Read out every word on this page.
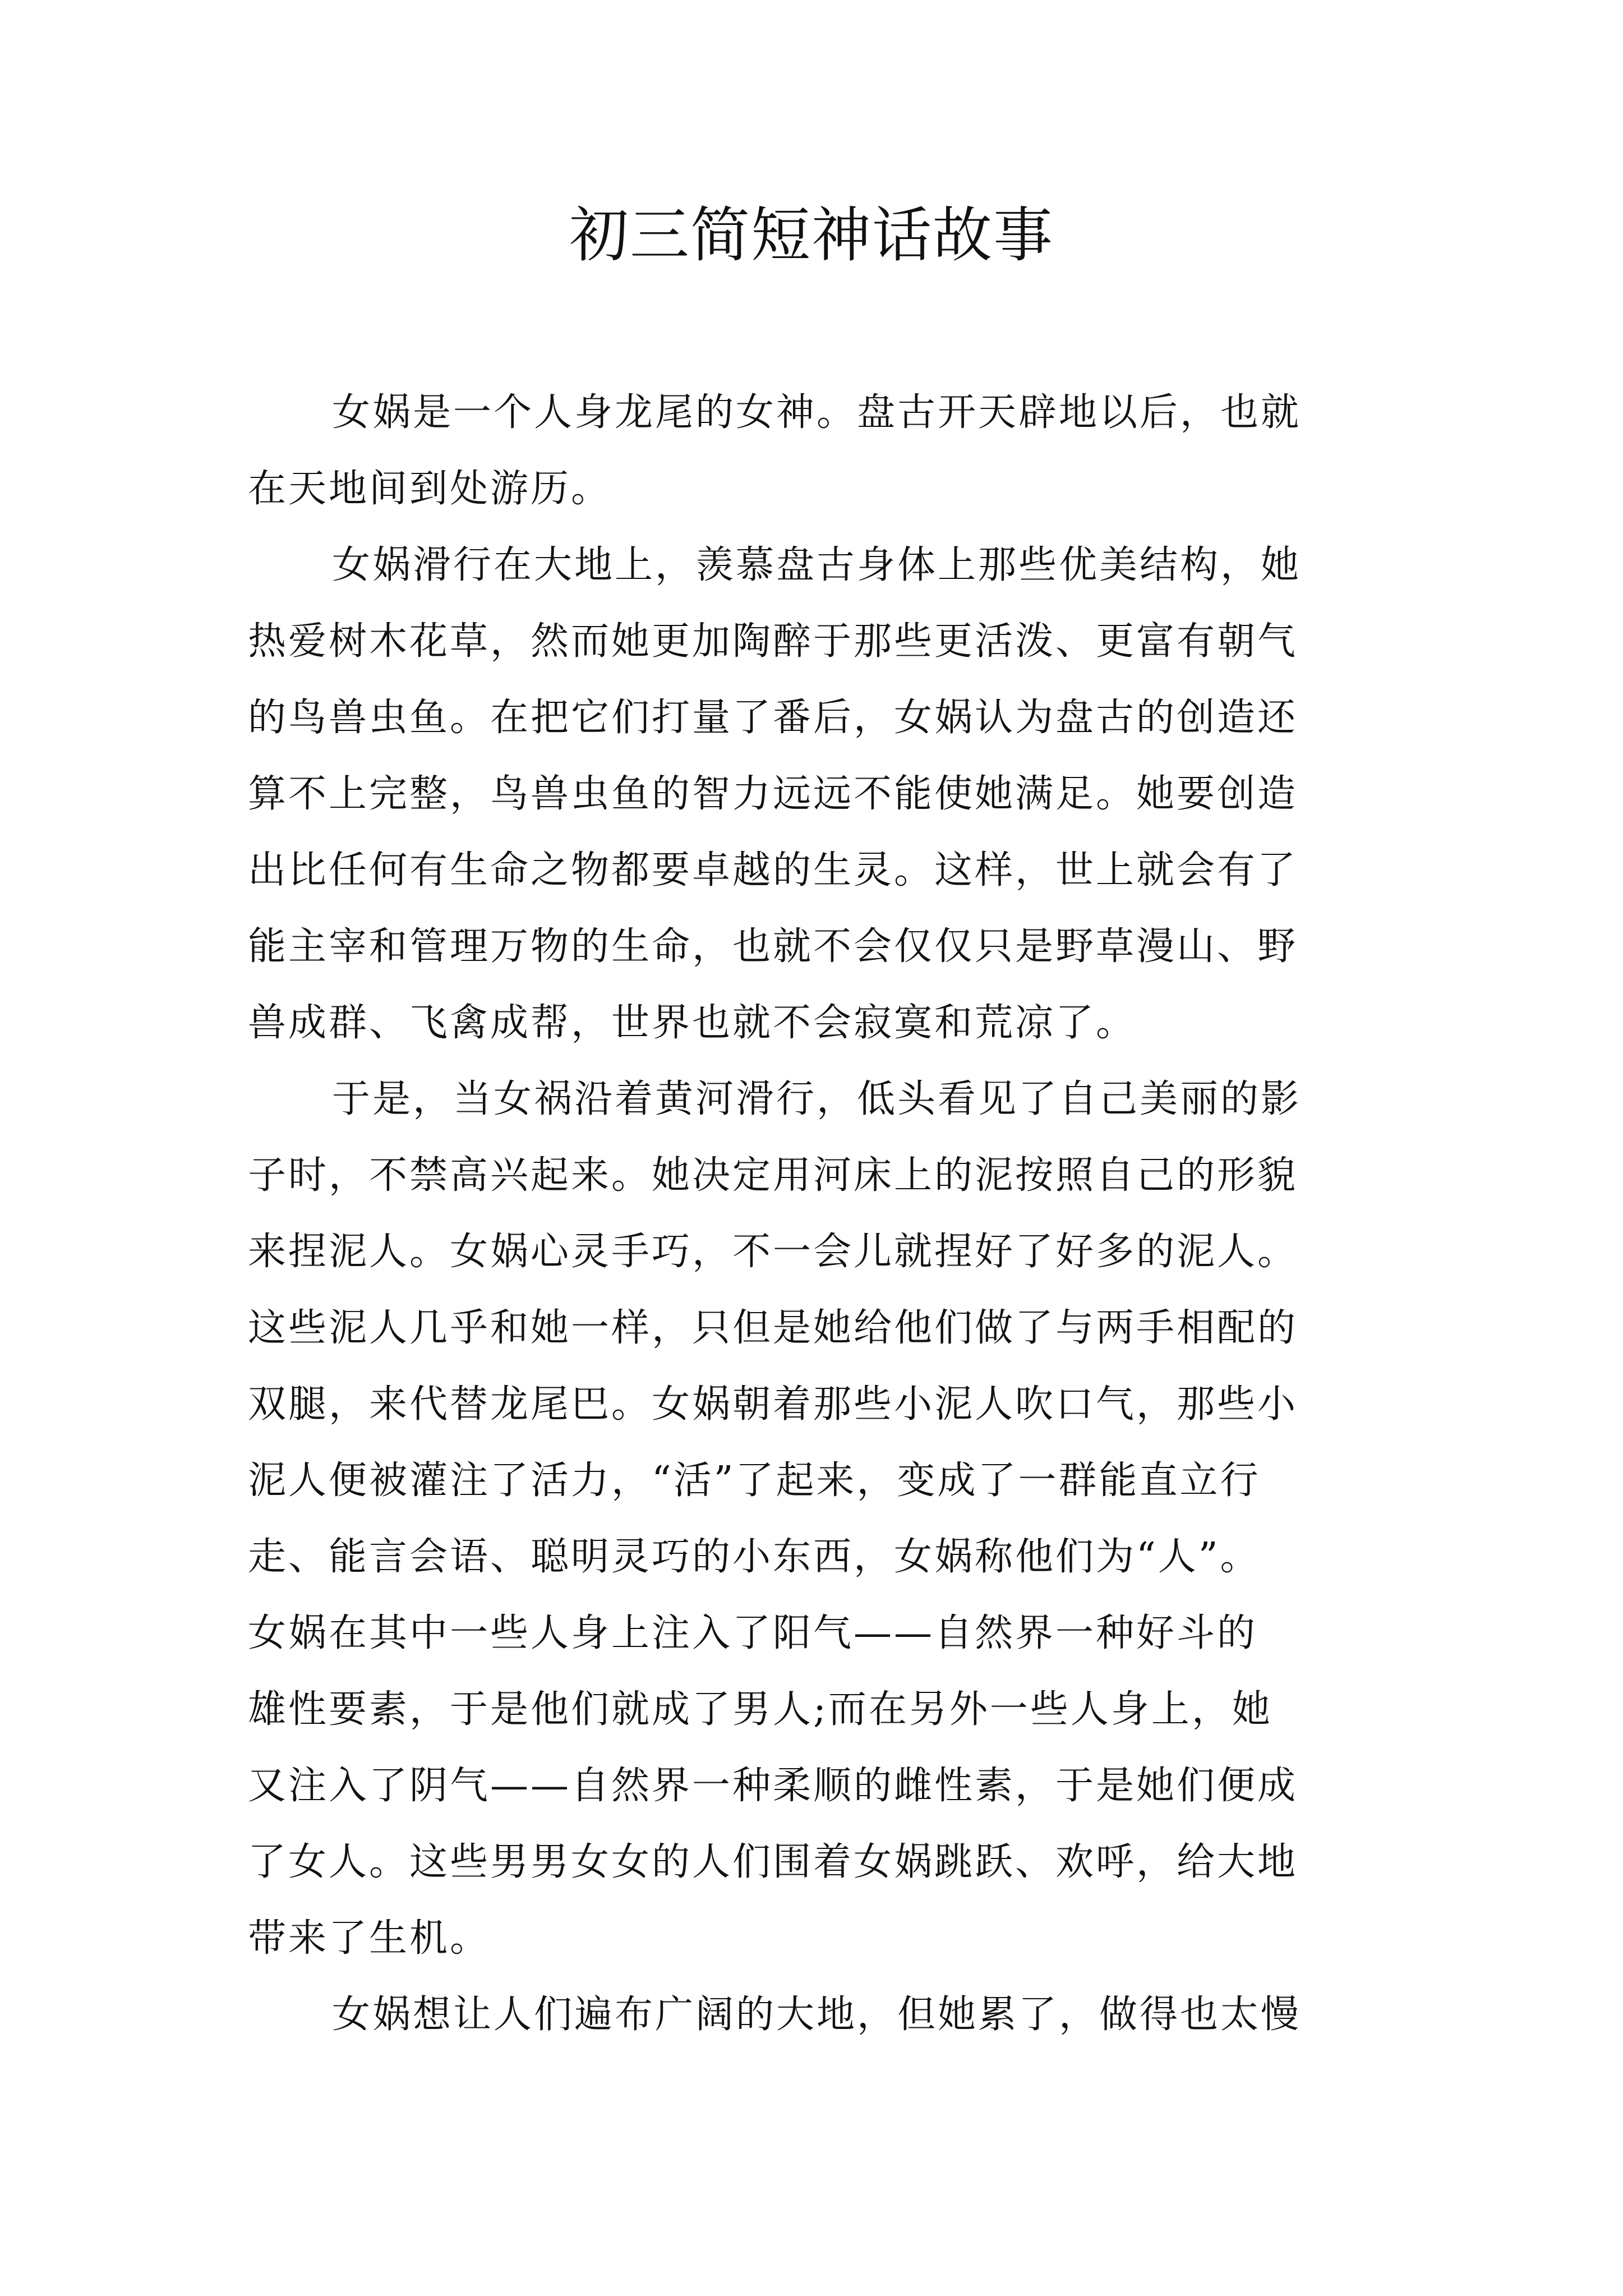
初三简短神话故事

女娲是一个人身龙尾的女神。盘古开天辟地以后，也就
在天地间到处游历。

女娲滑行在大地上，羡慕盘古身体上那些优美结构，她
热爱树木花草，然而她更加陶醉于那些更活泼、更富有朝气
的鸟兽虫鱼。在把它们打量了番后，女娲认为盘古的创造还
算不上完整，鸟兽虫鱼的智力远远不能使她满足。她要创造
出比任何有生命之物都要卓越的生灵。这样，世上就会有了
能主宰和管理万物的生命，也就不会仅仅只是野草漫山、野
兽成群、飞禽成帮，世界也就不会寂寞和荒凉了。

于是，当女祸沿着黄河滑行，低头看见了自己美丽的影
子时，不禁高兴起来。她决定用河床上的泥按照自己的形貌
来捏泥人。女娲心灵手巧，不一会儿就捏好了好多的泥人。
这些泥人几乎和她一样，只但是她给他们做了与两手相配的
双腿，来代替龙尾巴。女娲朝着那些小泥人吹口气，那些小
泥人便被灌注了活力，“活”了起来，变成了一群能直立行
走、能言会语、聪明灵巧的小东西，女娲称他们为“人”。
女娲在其中一些人身上注入了阳气——自然界一种好斗的
雄性要素，于是他们就成了男人;而在另外一些人身上，她
又注入了阴气——自然界一种柔顺的雌性素，于是她们便成
了女人。这些男男女女的人们围着女娲跳跃、欢呼，给大地
带来了生机。

女娲想让人们遍布广阔的大地，但她累了，做得也太慢
